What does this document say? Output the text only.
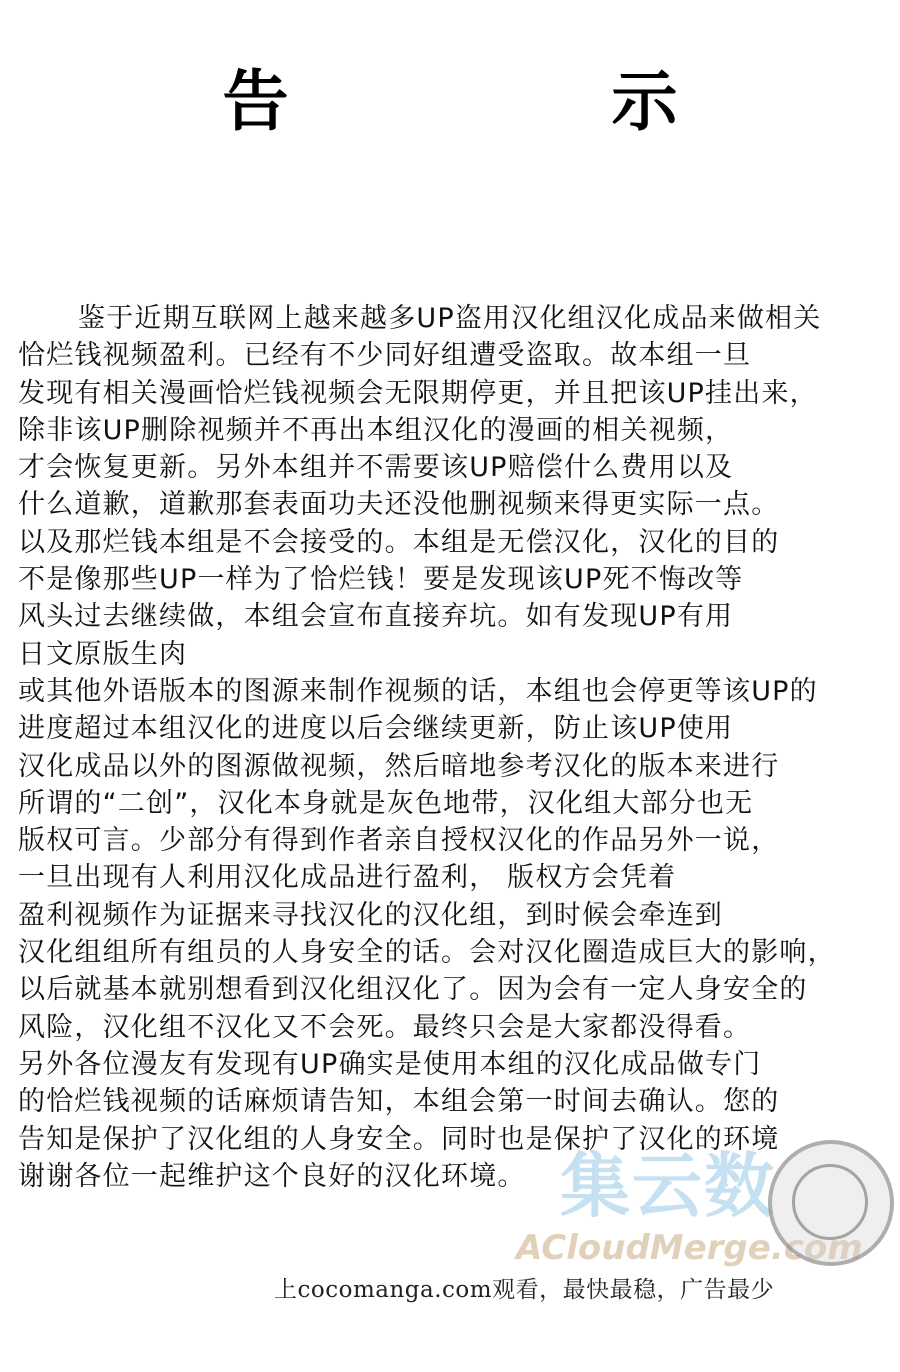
告 示
鉴于近期互联网上越来越多UP盗用汉化组汉化成品来做相关
恰烂钱视频盈利。已经有不少同好组遭受盗取。故本组一旦
发现有相关漫画恰烂钱视频会无限期停更，并且把该UP挂出来，
除非该UP删除视频并不再出本组汉化的漫画的相关视频，
才会恢复更新。另外本组并不需要该UP赔偿什么费用以及
什么道歉，道歉那套表面功夫还没他删视频来得更实际一点。
以及那烂钱本组是不会接受的。本组是无偿汉化，汉化的目的
不是像那些UP一样为了恰烂钱！要是发现该UP死不悔改等
风头过去继续做，本组会宣布直接弃坑。如有发现UP有用
日文原版生肉
或其他外语版本的图源来制作视频的话，本组也会停更等该UP的
进度超过本组汉化的进度以后会继续更新，防止该UP使用
汉化成品以外的图源做视频，然后暗地参考汉化的版本来进行
所谓的“二创”，汉化本身就是灰色地带，汉化组大部分也无
版权可言。少部分有得到作者亲自授权汉化的作品另外一说，
一旦出现有人利用汉化成品进行盈利， 版权方会凭着
盈利视频作为证据来寻找汉化的汉化组，到时候会牵连到
汉化组组所有组员的人身安全的话。会对汉化圈造成巨大的影响，
以后就基本就别想看到汉化组汉化了。因为会有一定人身安全的
风险，汉化组不汉化又不会死。最终只会是大家都没得看。
另外各位漫友有发现有UP确实是使用本组的汉化成品做专门
的恰烂钱视频的话麻烦请告知，本组会第一时间去确认。您的
告知是保护了汉化组的人身安全。同时也是保护了汉化的环境
谢谢各位一起维护这个良好的汉化环境。 集云数
ACloudMerge.com
上cocomanga.com观看，最快最稳，广告最少
